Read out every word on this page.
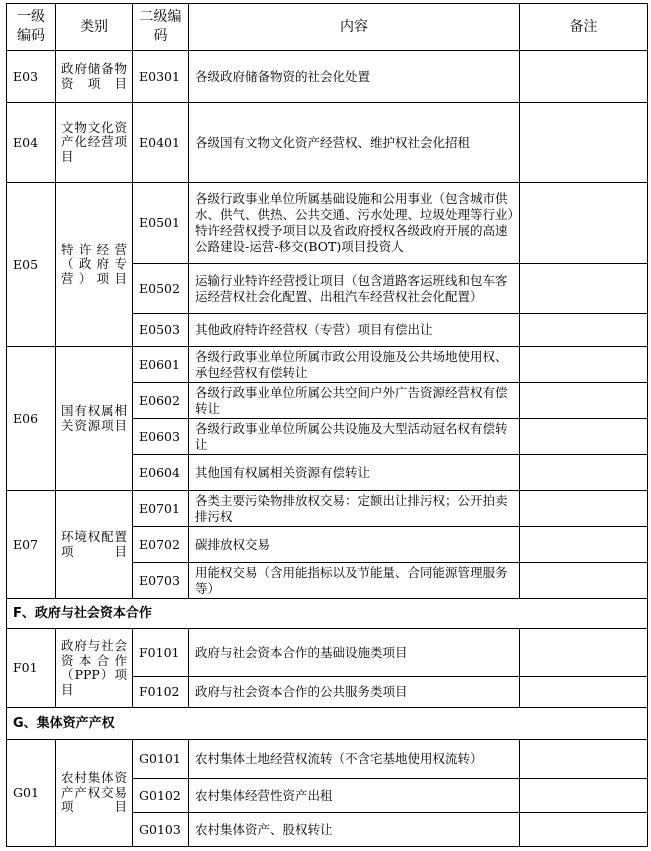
一级编码	类别	二级编码	内容	备注
E03	政府储备物资项目	E0301	各级政府储备物资的社会化处置	
E04	文物文化资产化经营项目	E0401	各级国有文物文化资产经营权、维护权社会化招租	
E05	特许经营（政府专营）项目	E0501	各级行政事业单位所属基础设施和公用事业（包含城市供水、供气、供热、公共交通、污水处理、垃圾处理等行业）特许经营权授予项目以及省政府授权各级政府开展的高速公路建设-运营-移交(BOT)项目投资人	
		E0502	运输行业特许经营授让项目（包含道路客运班线和包车客运经营权社会化配置、出租汽车经营权社会化配置）	
		E0503	其他政府特许经营权（专营）项目有偿出让	
E06	国有权属相关资源项目	E0601	各级行政事业单位所属市政公用设施及公共场地使用权、承包经营权有偿转让	
		E0602	各级行政事业单位所属公共空间户外广告资源经营权有偿转让	
		E0603	各级行政事业单位所属公共设施及大型活动冠名权有偿转让	
		E0604	其他国有权属相关资源有偿转让	
E07	环境权配置项目	E0701	各类主要污染物排放权交易：定额出让排污权；公开拍卖排污权	
		E0702	碳排放权交易	
		E0703	用能权交易（含用能指标以及节能量、合同能源管理服务等）	
F、政府与社会资本合作				
F01	政府与社会资本合作（PPP）项目	F0101	政府与社会资本合作的基础设施类项目	
		F0102	政府与社会资本合作的公共服务类项目	
G、集体资产产权				
G01	农村集体资产产权交易项目	G0101	农村集体土地经营权流转（不含宅基地使用权流转）	
		G0102	农村集体经营性资产出租	
		G0103	农村集体资产、股权转让	
